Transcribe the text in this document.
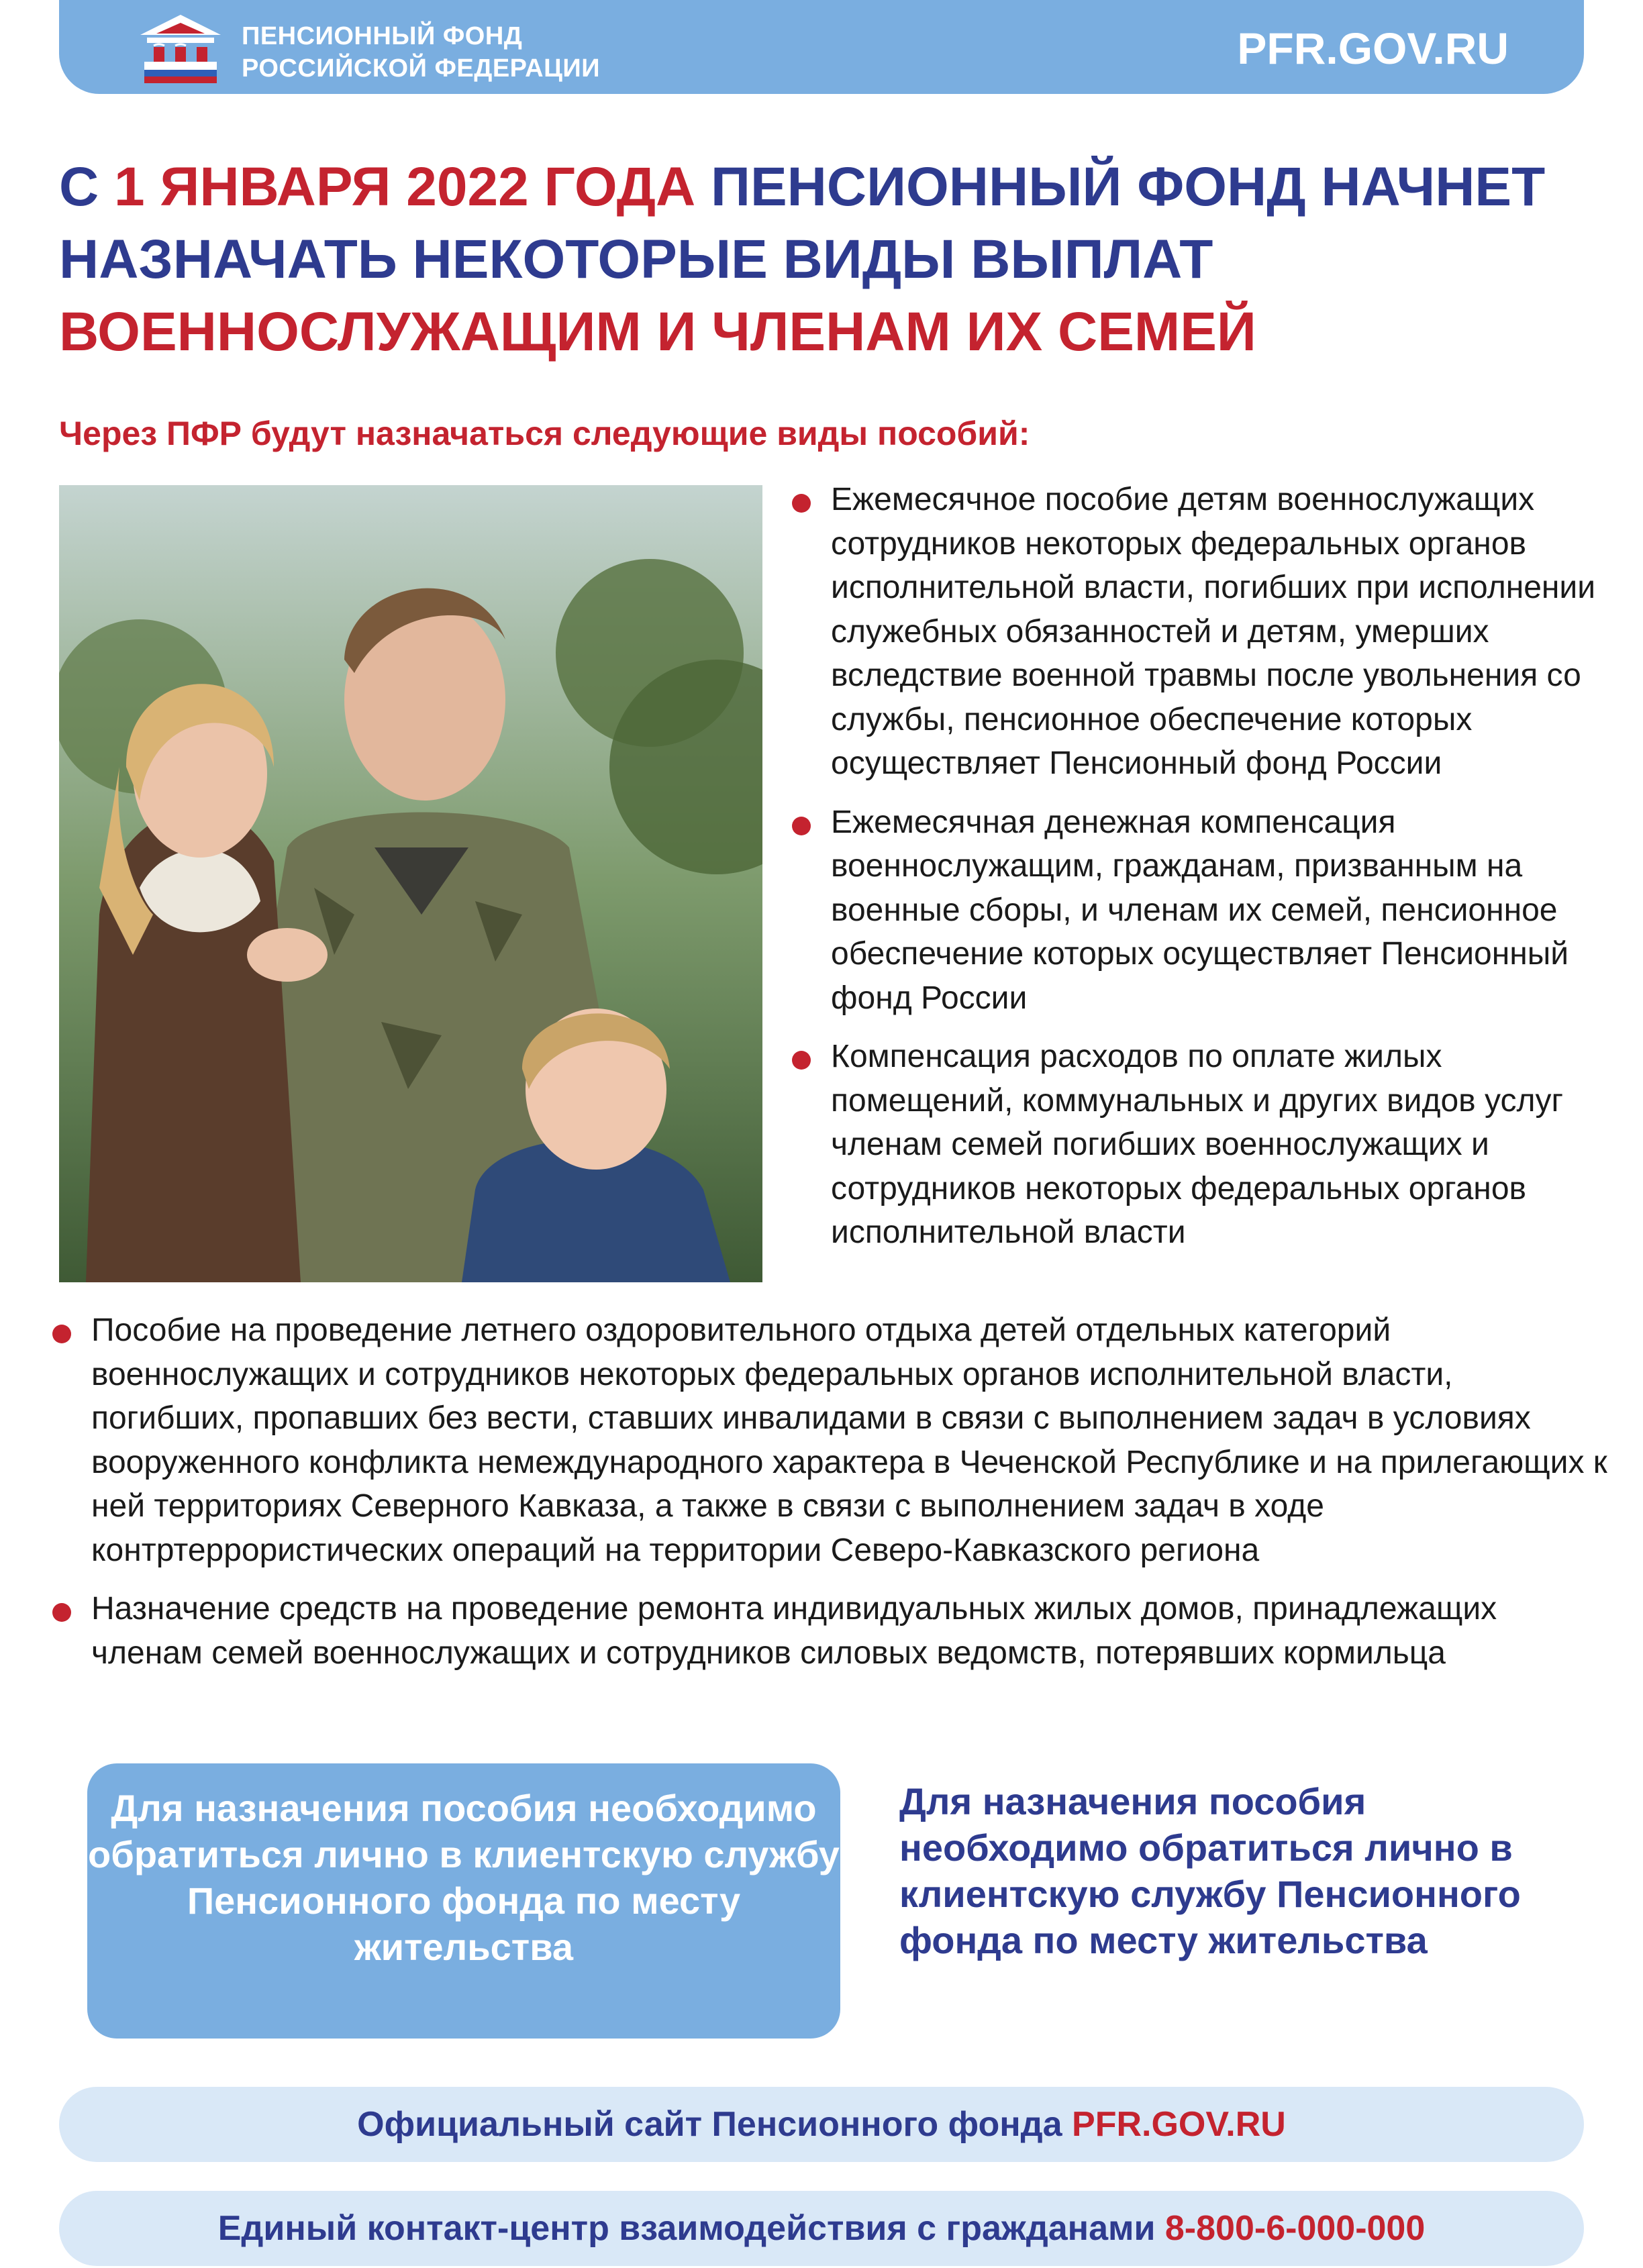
ПЕНСИОННЫЙ ФОНД
РОССИЙСКОЙ ФЕДЕРАЦИИ	PFR.GOV.RU
С 1 ЯНВАРЯ 2022 ГОДА ПЕНСИОННЫЙ ФОНД НАЧНЕТ НАЗНАЧАТЬ НЕКОТОРЫЕ ВИДЫ ВЫПЛАТ
ВОЕННОСЛУЖАЩИМ И ЧЛЕНАМ ИХ СЕМЕЙ
Через ПФР будут назначаться следующие виды пособий:
Ежемесячное пособие детям военнослужащих сотрудников некоторых федеральных органов исполнительной власти, погибших при исполнении служебных обязанностей и детям, умерших вследствие военной травмы после увольнения со службы, пенсионное обеспечение которых осуществляет Пенсионный фонд России
Ежемесячная денежная компенсация военнослужащим, гражданам, призванным на военные сборы, и членам их семей, пенсионное обеспечение которых осуществляет Пенсионный фонд России
Компенсация расходов по оплате жилых помещений, коммунальных и других видов услуг членам семей погибших военнослужащих и сотрудников некоторых федеральных органов исполнительной власти
Пособие на проведение летнего оздоровительного отдыха детей отдельных категорий военнослужащих и сотрудников некоторых федеральных органов исполнительной власти, погибших, пропавших без вести, ставших инвалидами в связи с выполнением задач в условиях вооруженного конфликта немеждународного характера в Чеченской Республике и на прилегающих к ней территориях Северного Кавказа, а также в связи с выполнением задач в ходе контртеррористических операций на территории Северо-Кавказского региона
Назначение средств на проведение ремонта индивидуальных жилых домов, принадлежащих членам семей военнослужащих и сотрудников силовых ведомств, потерявших кормильца
Для назначения пособия необходимо обратиться лично в клиентскую службу Пенсионного фонда по месту жительства
Для назначения пособия необходимо обратиться лично в клиентскую службу Пенсионного фонда по месту жительства
Официальный сайт Пенсионного фонда PFR.GOV.RU
Единый контакт-центр взаимодействия с гражданами 8-800-6-000-000
